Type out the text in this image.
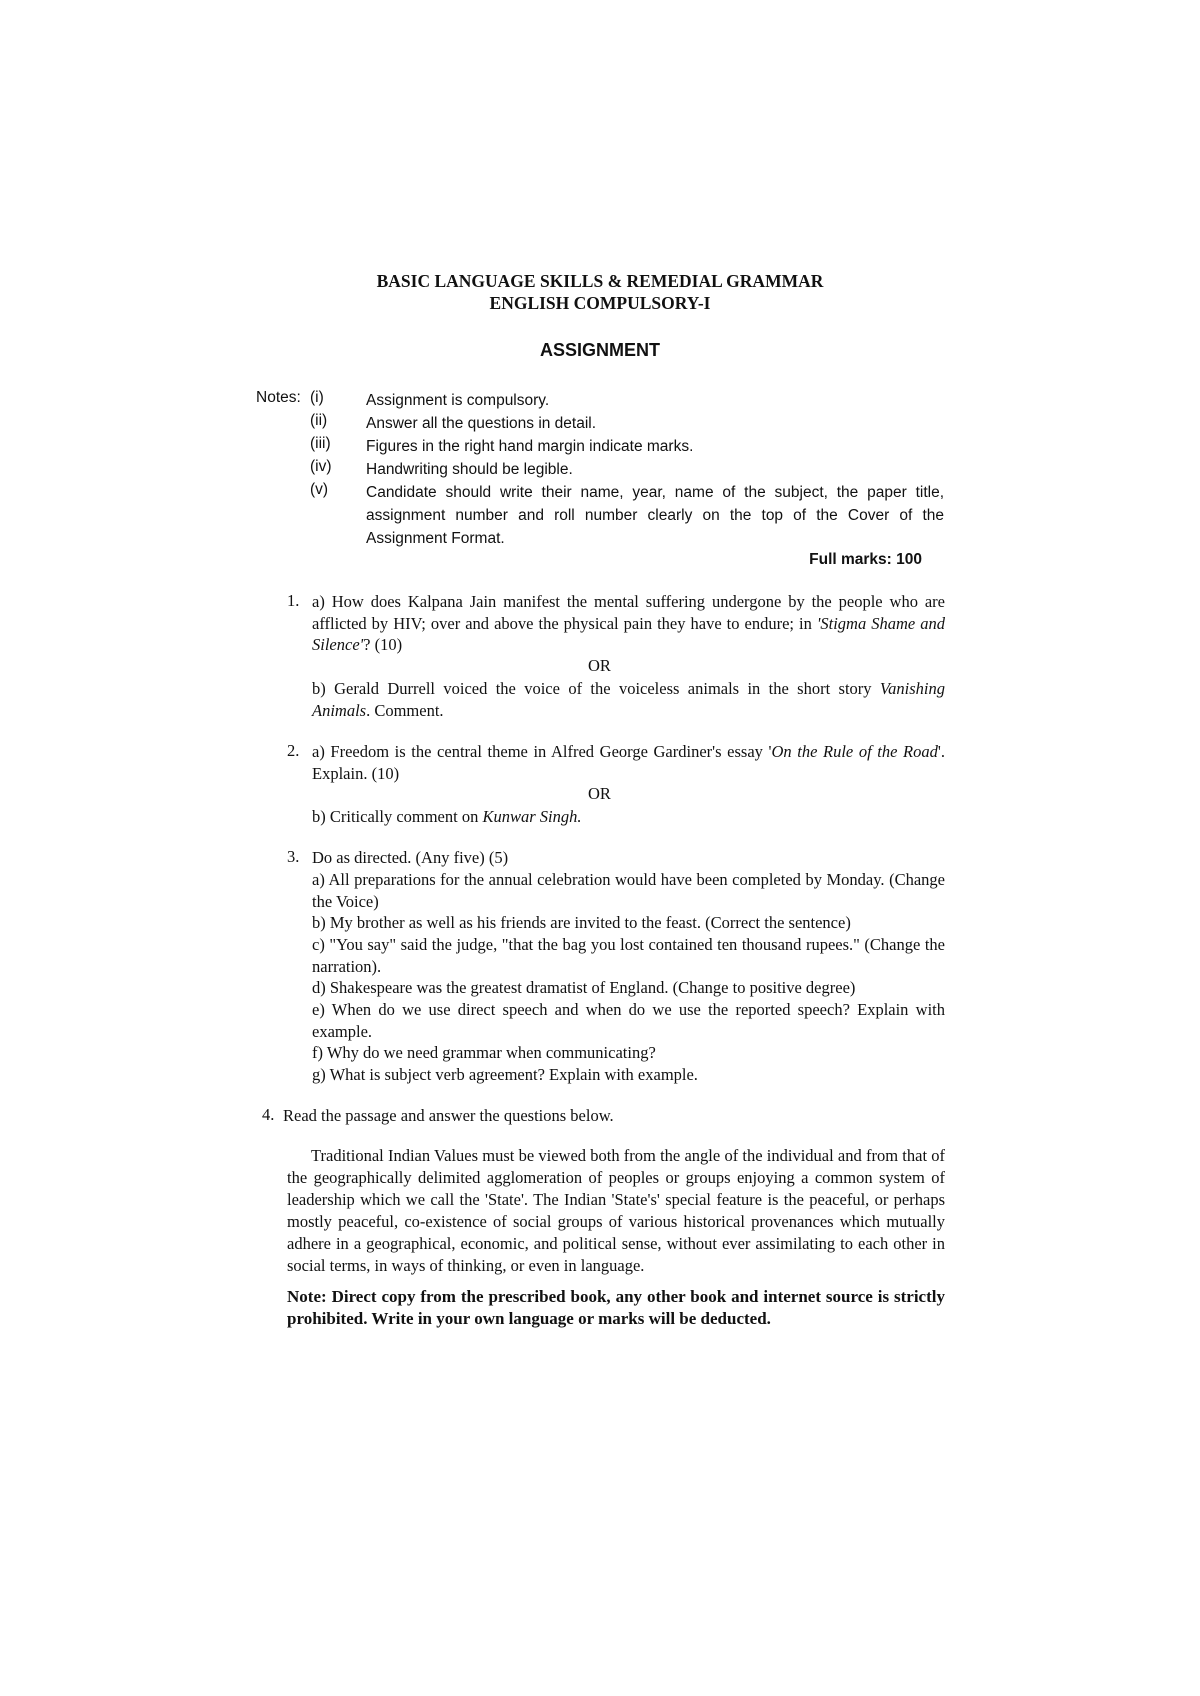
BASIC LANGUAGE SKILLS & REMEDIAL GRAMMAR
ENGLISH COMPULSORY-I
ASSIGNMENT
Notes: (i)	Assignment is compulsory.
(ii)	Answer all the questions in detail.
(iii) Figures in the right hand margin indicate marks.
(iv) Handwriting should be legible.
(v) Candidate should write their name, year, name of the subject, the paper title, assignment number and roll number clearly on the top of the Cover of the Assignment Format.
Full marks: 100
1. a) How does Kalpana Jain manifest the mental suffering undergone by the people who are afflicted by HIV; over and above the physical pain they have to endure; in 'Stigma Shame and Silence'? (10)
OR
b) Gerald Durrell voiced the voice of the voiceless animals in the short story Vanishing Animals. Comment.
2. a) Freedom is the central theme in Alfred George Gardiner's essay 'On the Rule of the Road'. Explain. (10)
OR
b) Critically comment on Kunwar Singh.
3. Do as directed. (Any five) (5)
a) All preparations for the annual celebration would have been completed by Monday. (Change the Voice)
b) My brother as well as his friends are invited to the feast. (Correct the sentence)
c) "You say" said the judge, "that the bag you lost contained ten thousand rupees." (Change the narration).
d) Shakespeare was the greatest dramatist of England. (Change to positive degree)
e) When do we use direct speech and when do we use the reported speech? Explain with example.
f) Why do we need grammar when communicating?
g) What is subject verb agreement? Explain with example.
4. Read the passage and answer the questions below.
Traditional Indian Values must be viewed both from the angle of the individual and from that of the geographically delimited agglomeration of peoples or groups enjoying a common system of leadership which we call the 'State'. The Indian 'State's' special feature is the peaceful, or perhaps mostly peaceful, co-existence of social groups of various historical provenances which mutually adhere in a geographical, economic, and political sense, without ever assimilating to each other in social terms, in ways of thinking, or even in language.
Note: Direct copy from the prescribed book, any other book and internet source is strictly prohibited. Write in your own language or marks will be deducted.
